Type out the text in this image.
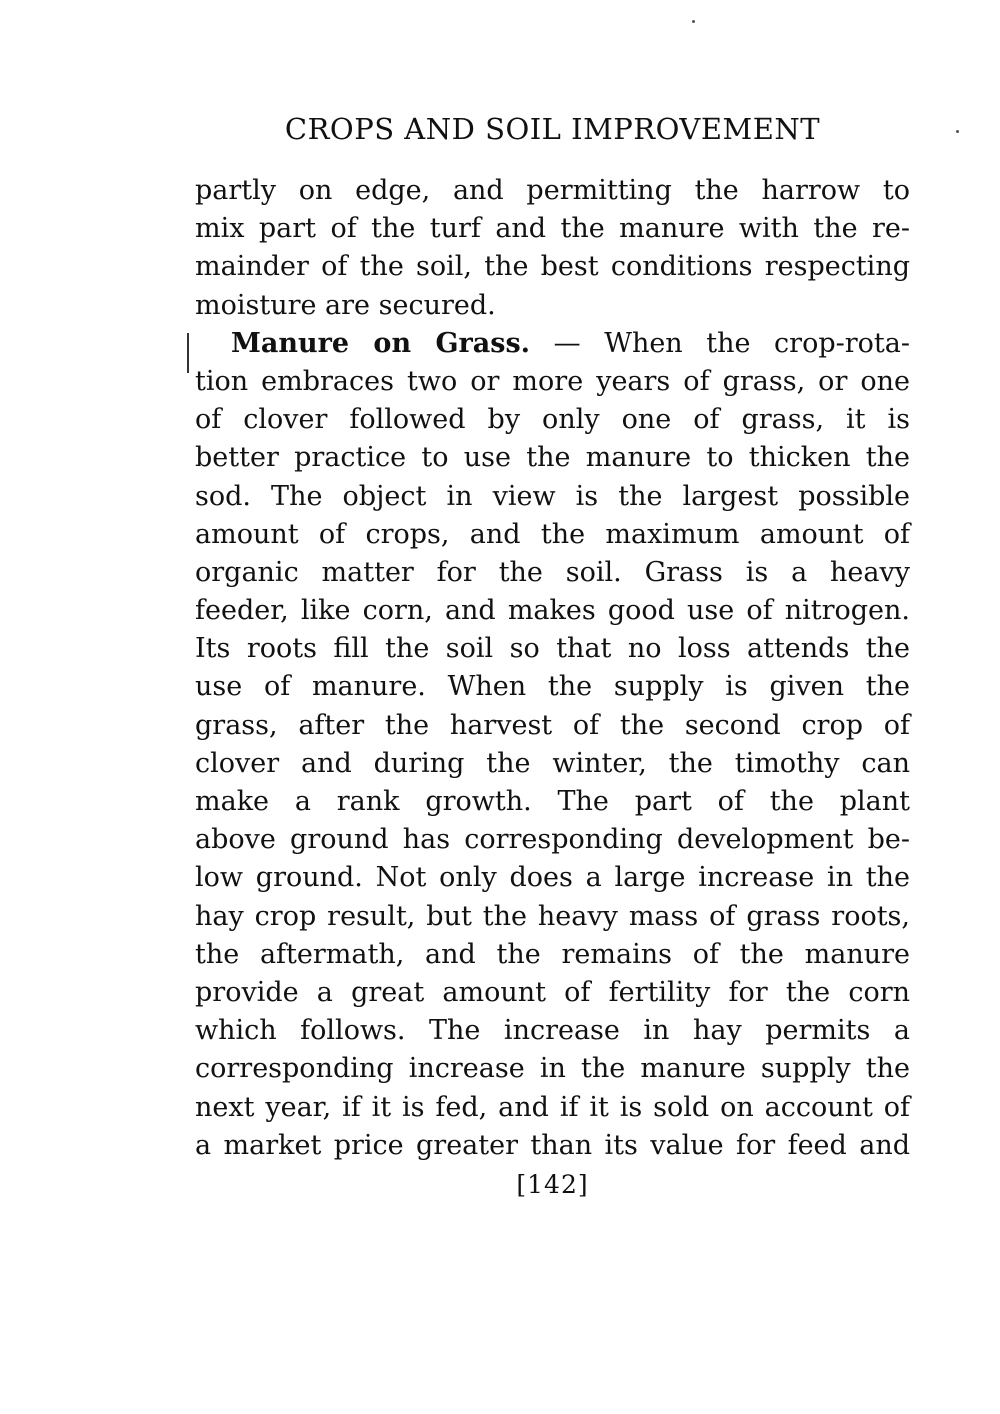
CROPS AND SOIL IMPROVEMENT
partly on edge, and permitting the harrow to
mix part of the turf and the manure with the re-
mainder of the soil, the best conditions respecting
moisture are secured.
Manure on Grass. — When the crop-rota-
tion embraces two or more years of grass, or one
of clover followed by only one of grass, it is
better practice to use the manure to thicken the
sod. The object in view is the largest possible
amount of crops, and the maximum amount of
organic matter for the soil. Grass is a heavy
feeder, like corn, and makes good use of nitrogen.
Its roots fill the soil so that no loss attends the
use of manure. When the supply is given the
grass, after the harvest of the second crop of
clover and during the winter, the timothy can
make a rank growth. The part of the plant
above ground has corresponding development be-
low ground. Not only does a large increase in the
hay crop result, but the heavy mass of grass roots,
the aftermath, and the remains of the manure
provide a great amount of fertility for the corn
which follows. The increase in hay permits a
corresponding increase in the manure supply the
next year, if it is fed, and if it is sold on account of
a market price greater than its value for feed and
[142]
